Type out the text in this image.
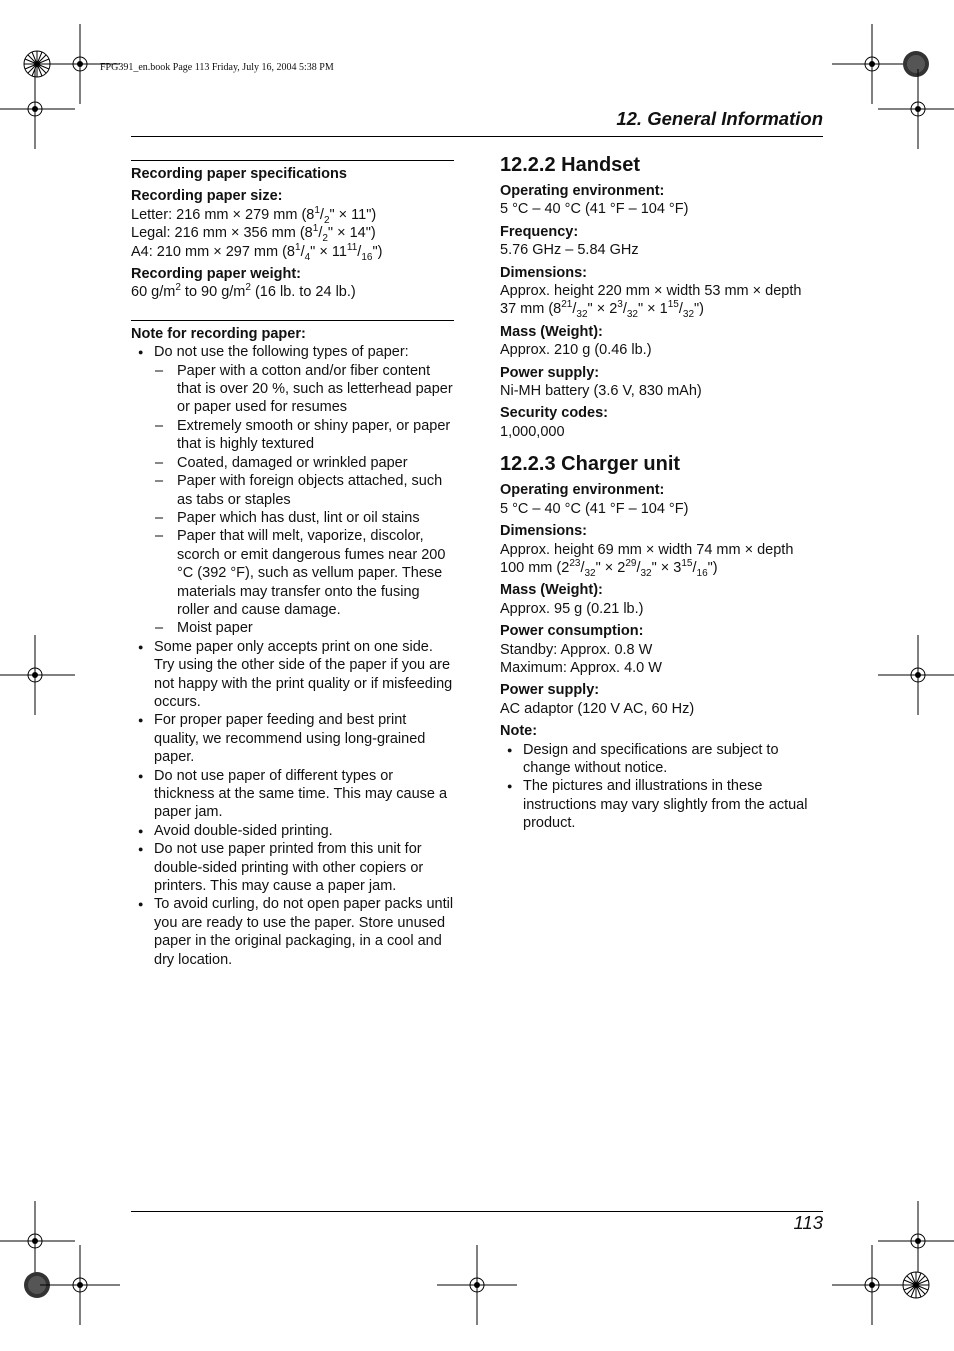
FPG391_en.book Page 113 Friday, July 16, 2004 5:38 PM
12. General Information
Recording paper specifications
Recording paper size:
Letter: 216 mm × 279 mm ($8^1/_2$" × 11")
Legal: 216 mm × 356 mm ($8^1/_2$" × 14")
A4: 210 mm × 297 mm ($8^1/_4$" × $11^{11}/_{16}$")
Recording paper weight:
60 $g/m^2$ to 90 $g/m^2$ (16 lb. to 24 lb.)
Note for recording paper:
● Do not use the following types of paper:
– Paper with a cotton and/or fiber content that is over 20 %, such as letterhead paper or paper used for resumes
– Extremely smooth or shiny paper, or paper that is highly textured
– Coated, damaged or wrinkled paper
– Paper with foreign objects attached, such as tabs or staples
– Paper which has dust, lint or oil stains
– Paper that will melt, vaporize, discolor, scorch or emit dangerous fumes near 200 °C (392 °F), such as vellum paper. These materials may transfer onto the fusing roller and cause damage.
– Moist paper
● Some paper only accepts print on one side. Try using the other side of the paper if you are not happy with the print quality or if misfeeding occurs.
● For proper paper feeding and best print quality, we recommend using long-grained paper.
● Do not use paper of different types or thickness at the same time. This may cause a paper jam.
● Avoid double-sided printing.
● Do not use paper printed from this unit for double-sided printing with other copiers or printers. This may cause a paper jam.
● To avoid curling, do not open paper packs until you are ready to use the paper. Store unused paper in the original packaging, in a cool and dry location.
12.2.2 Handset
Operating environment:
5 °C – 40 °C (41 °F – 104 °F)
Frequency:
5.76 GHz – 5.84 GHz
Dimensions:
Approx. height 220 mm × width 53 mm × depth
37 mm ($8^{21}/_{32}$" × $2^3/_{32}$" × $1^{15}/_{32}$")
Mass (Weight):
Approx. 210 g (0.46 lb.)
Power supply:
Ni-MH battery (3.6 V, 830 mAh)
Security codes:
1,000,000
12.2.3 Charger unit
Operating environment:
5 °C – 40 °C (41 °F – 104 °F)
Dimensions:
Approx. height 69 mm × width 74 mm × depth
100 mm ($2^{23}/_{32}$" × $2^{29}/_{32}$" × $3^{15}/_{16}$")
Mass (Weight):
Approx. 95 g (0.21 lb.)
Power consumption:
Standby: Approx. 0.8 W
Maximum: Approx. 4.0 W
Power supply:
AC adaptor (120 V AC, 60 Hz)
Note:
● Design and specifications are subject to change without notice.
● The pictures and illustrations in these instructions may vary slightly from the actual product.
113
